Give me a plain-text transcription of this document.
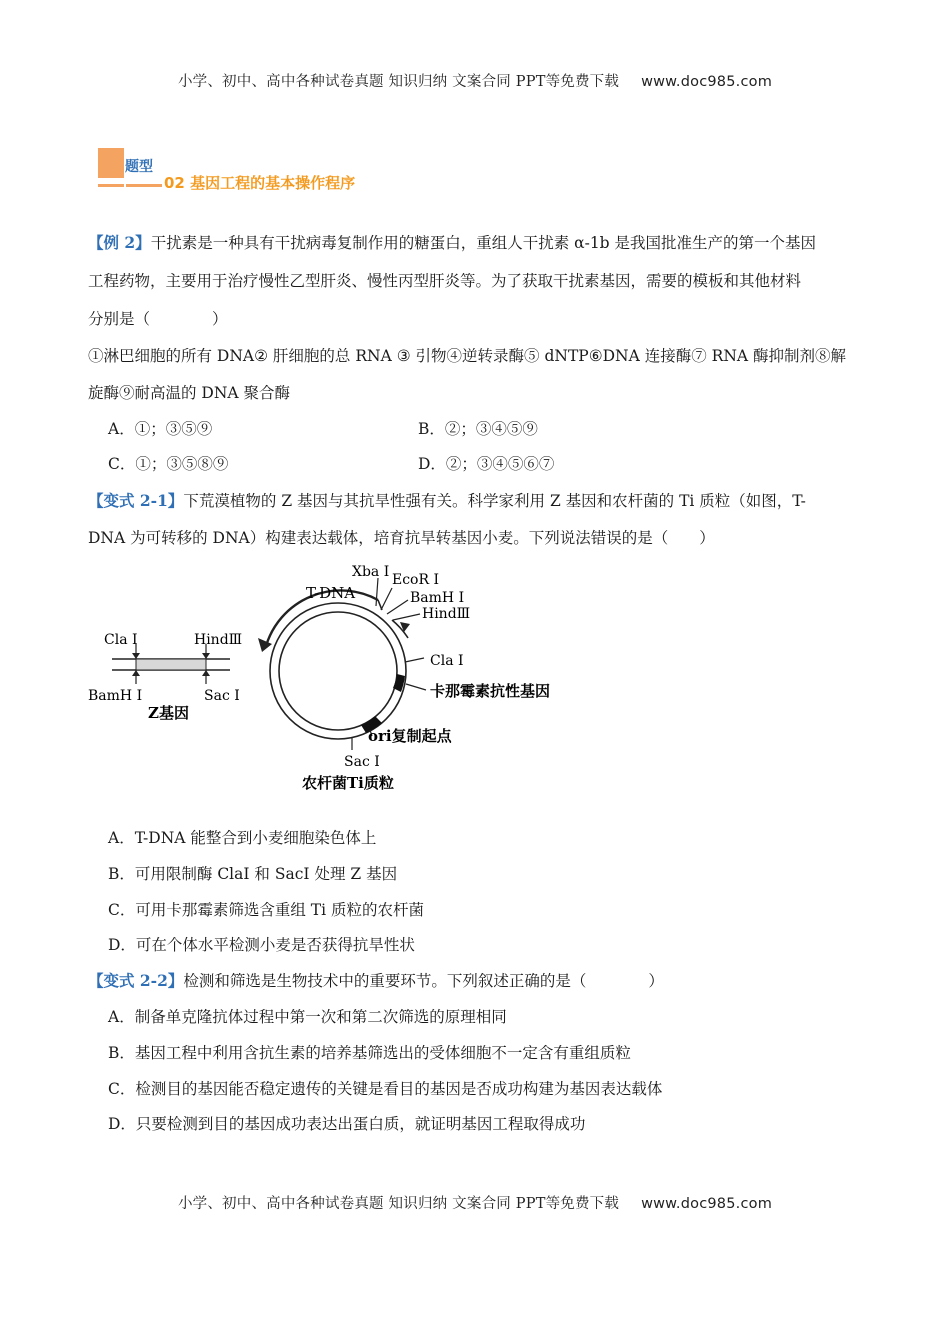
小学、初中、高中各种试卷真题 知识归纳 文案合同 PPT等免费下载 www.doc985.com
题型
02 基因工程的基本操作程序
【例 2】干扰素是一种具有干扰病毒复制作用的糖蛋白，重组人干扰素 α-1b 是我国批准生产的第一个基因
工程药物，主要用于治疗慢性乙型肝炎、慢性丙型肝炎等。为了获取干扰素基因，需要的模板和其他材料
分别是（　　　　）
①淋巴细胞的所有 DNA② 肝细胞的总 RNA ③ 引物④逆转录酶⑤ dNTP⑥DNA 连接酶⑦ RNA 酶抑制剂⑧解
旋酶⑨耐高温的 DNA 聚合酶
A．①；③⑤⑨	B．②；③④⑤⑨
C．①；③⑤⑧⑨	D．②；③④⑤⑥⑦
【变式 2-1】下荒漠植物的 Z 基因与其抗旱性强有关。科学家利用 Z 基因和农杆菌的 Ti 质粒（如图，T-
DNA 为可转移的 DNA）构建表达载体，培育抗旱转基因小麦。下列说法错误的是（　　）
Cla Ⅰ	HindⅢ
BamH Ⅰ	Sac Ⅰ
Z基因
T-DNA
Xba Ⅰ EcoR Ⅰ
BamH Ⅰ
HindⅢ
Cla Ⅰ
卡那霉素抗性基因
ori复制起点
Sac Ⅰ
农杆菌Ti质粒
A．T-DNA 能整合到小麦细胞染色体上
B．可用限制酶 ClaI 和 SacI 处理 Z 基因
C．可用卡那霉素筛选含重组 Ti 质粒的农杆菌
D．可在个体水平检测小麦是否获得抗旱性状
【变式 2-2】检测和筛选是生物技术中的重要环节。下列叙述正确的是（　　　　）
A．制备单克隆抗体过程中第一次和第二次筛选的原理相同
B．基因工程中利用含抗生素的培养基筛选出的受体细胞不一定含有重组质粒
C．检测目的基因能否稳定遗传的关键是看目的基因是否成功构建为基因表达载体
D．只要检测到目的基因成功表达出蛋白质，就证明基因工程取得成功
小学、初中、高中各种试卷真题 知识归纳 文案合同 PPT等免费下载 www.doc985.com
